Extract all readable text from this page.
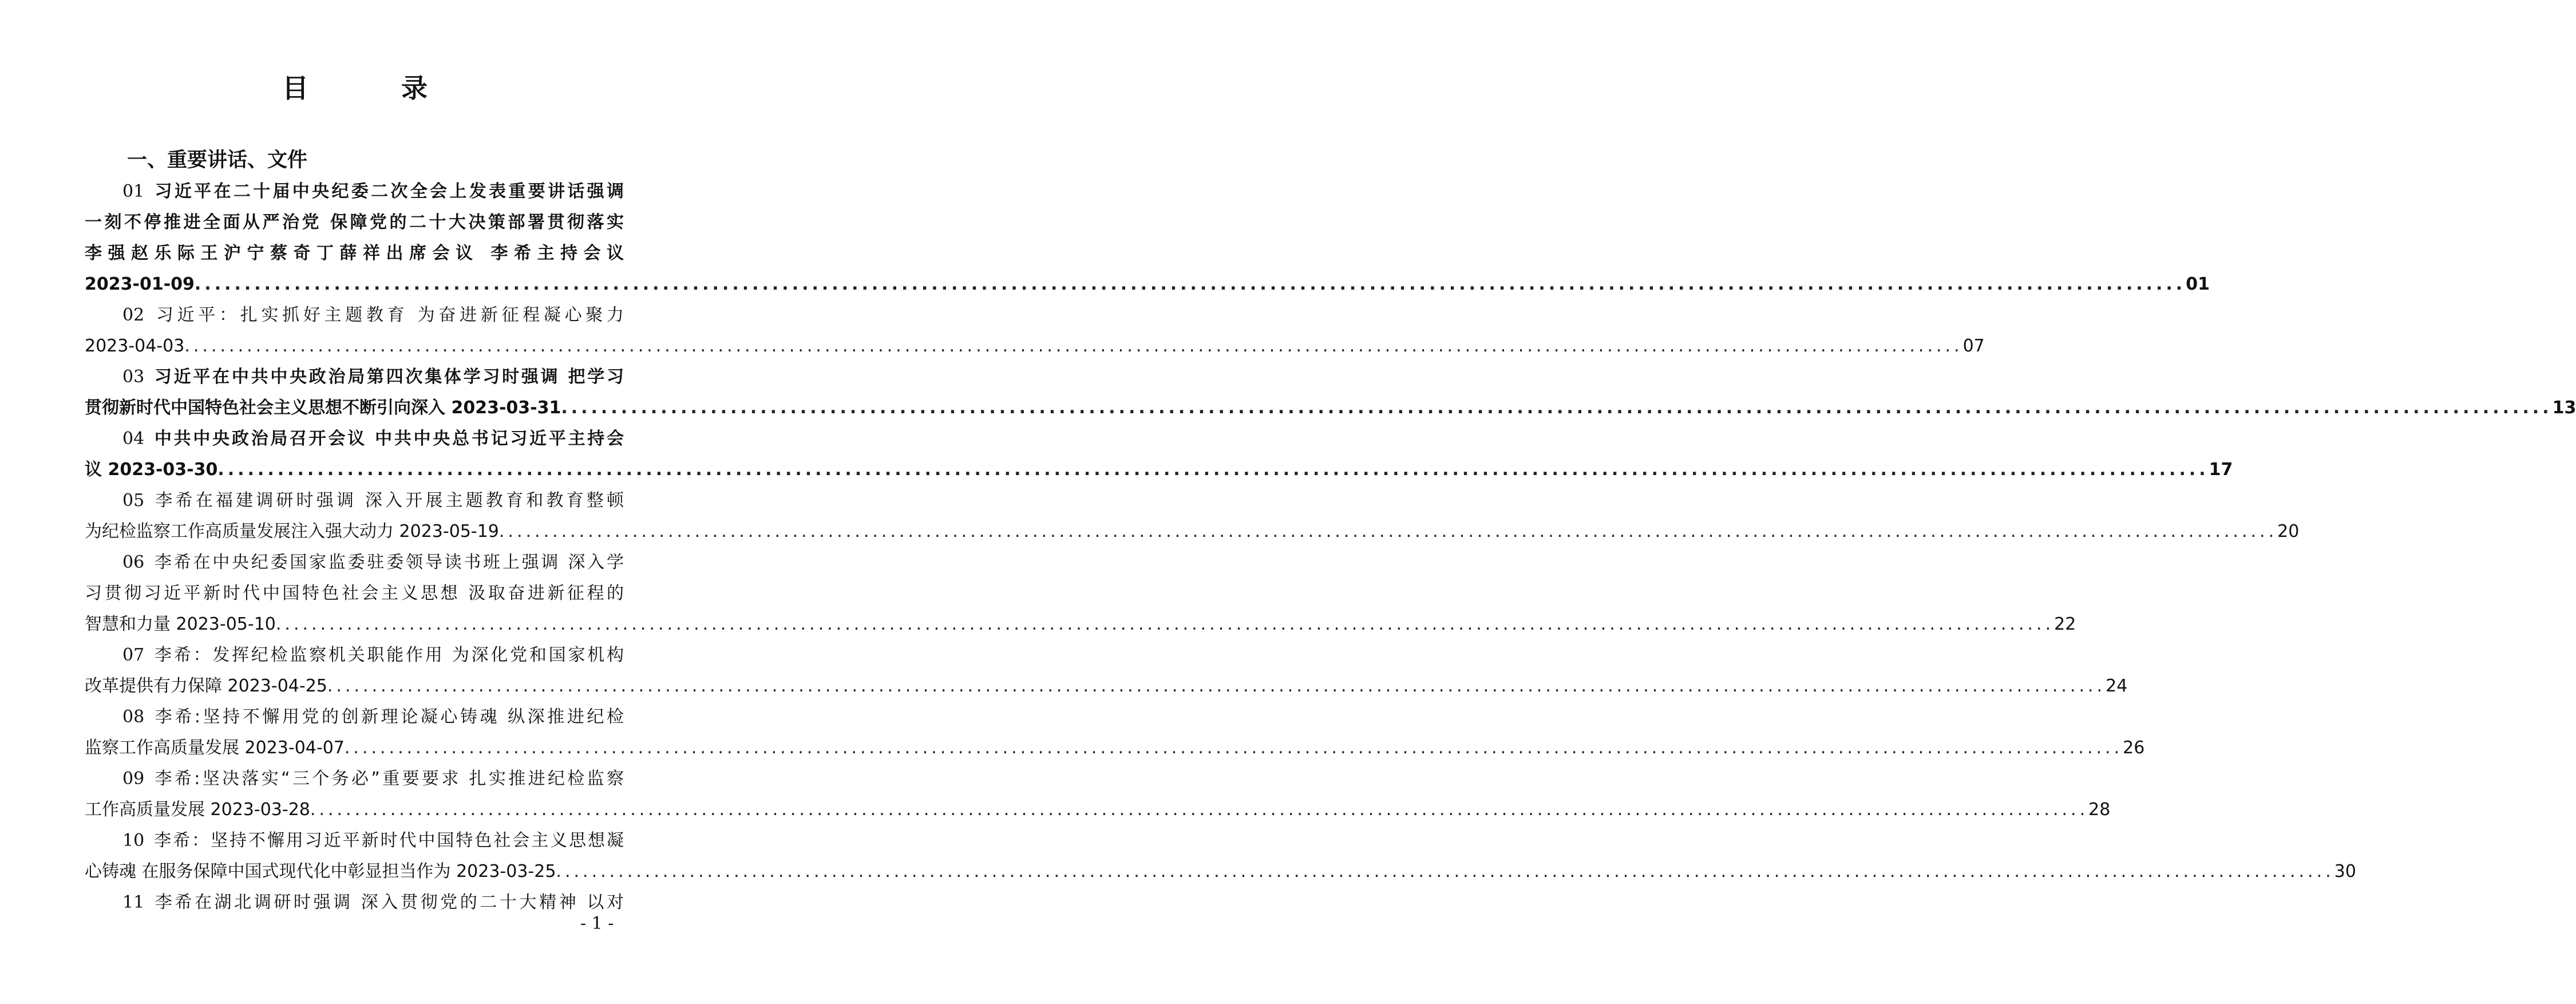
目　录
一、重要讲话、文件
01 习近平在二十届中央纪委二次全会上发表重要讲话强调
一刻不停推进全面从严治党 保障党的二十大决策部署贯彻落实
李强赵乐际王沪宁蔡奇丁薛祥出席会议 李希主持会议
2023-01-09 ........................................................................................................................................................................................................ 01
02 习近平：扎实抓好主题教育 为奋进新征程凝心聚力
2023-04-03 ........................................................................................................................................................................................................ 07
03 习近平在中共中央政治局第四次集体学习时强调 把学习
贯彻新时代中国特色社会主义思想不断引向深入 2023-03-31 ........................................................................................................................................................................................................ 13
04 中共中央政治局召开会议 中共中央总书记习近平主持会
议 2023-03-30 ........................................................................................................................................................................................................ 17
05 李希在福建调研时强调 深入开展主题教育和教育整顿
为纪检监察工作高质量发展注入强大动力 2023-05-19 ........................................................................................................................................................................................................ 20
06 李希在中央纪委国家监委驻委领导读书班上强调 深入学
习贯彻习近平新时代中国特色社会主义思想 汲取奋进新征程的
智慧和力量 2023-05-10 ........................................................................................................................................................................................................ 22
07 李希：发挥纪检监察机关职能作用 为深化党和国家机构
改革提供有力保障 2023-04-25 ........................................................................................................................................................................................................ 24
08 李希:坚持不懈用党的创新理论凝心铸魂 纵深推进纪检
监察工作高质量发展 2023-04-07 ........................................................................................................................................................................................................ 26
09 李希:坚决落实“三个务必”重要要求 扎实推进纪检监察
工作高质量发展 2023-03-28 ........................................................................................................................................................................................................ 28
10 李希：坚持不懈用习近平新时代中国特色社会主义思想凝
心铸魂 在服务保障中国式现代化中彰显担当作为 2023-03-25 ........................................................................................................................................................................................................ 30
11 李希在湖北调研时强调 深入贯彻党的二十大精神 以对
- 1 -
